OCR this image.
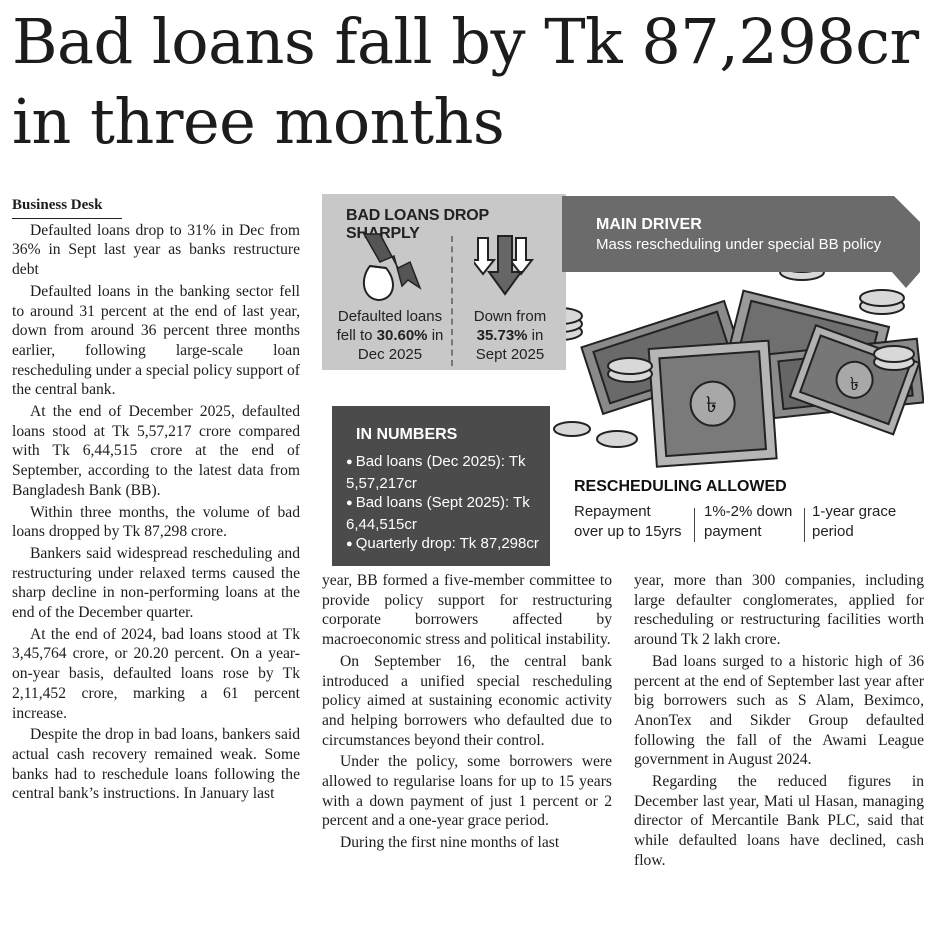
Bad loans fall by Tk 87,298cr in three months

Business Desk

Defaulted loans drop to 31% in Dec from 36% in Sept last year as banks restructure debt

Defaulted loans in the banking sector fell to around 31 percent at the end of last year, down from around 36 percent three months earlier, following large-scale loan rescheduling under a special policy support of the central bank.

At the end of December 2025, defaulted loans stood at Tk 5,57,217 crore compared with Tk 6,44,515 crore at the end of September, according to the latest data from Bangladesh Bank (BB).

Within three months, the volume of bad loans dropped by Tk 87,298 crore.

Bankers said widespread rescheduling and restructuring under relaxed terms caused the sharp decline in non-performing loans at the end of the December quarter.

At the end of 2024, bad loans stood at Tk 3,45,764 crore, or 20.20 percent. On a year-on-year basis, defaulted loans rose by Tk 2,11,452 crore, marking a 61 percent increase.

Despite the drop in bad loans, bankers said actual cash recovery remained weak. Some banks had to reschedule loans following the central bank’s instructions. In January last

year, BB formed a five-member committee to provide policy support for restructuring corporate borrowers affected by macroeconomic stress and political instability.

On September 16, the central bank introduced a unified special rescheduling policy aimed at sustaining economic activity and helping borrowers who defaulted due to circumstances beyond their control.

Under the policy, some borrowers were allowed to regularise loans for up to 15 years with a down payment of just 1 percent or 2 percent and a one-year grace period.

During the first nine months of last

year, more than 300 companies, including large defaulter conglomerates, applied for rescheduling or restructuring facilities worth around Tk 2 lakh crore.

Bad loans surged to a historic high of 36 percent at the end of September last year after big borrowers such as S Alam, Beximco, AnonTex and Sikder Group defaulted following the fall of the Awami League government in August 2024.

Regarding the reduced figures in December last year, Mati ul Hasan, managing director of Mercantile Bank PLC, said that while defaulted loans have declined, cash flow.

৳
৳
BAD LOANS DROP SHARPLY
Defaulted loans fell to 30.60% in Dec 2025
Down from 35.73% in Sept 2025
MAIN DRIVER
Mass rescheduling under special BB policy
IN NUMBERS
● Bad loans (Dec 2025): Tk 5,57,217cr
● Bad loans (Sept 2025): Tk 6,44,515cr
● Quarterly drop: Tk 87,298cr
RESCHEDULING ALLOWED
Repayment over up to 15yrs
1%-2% down payment
1-year grace period
